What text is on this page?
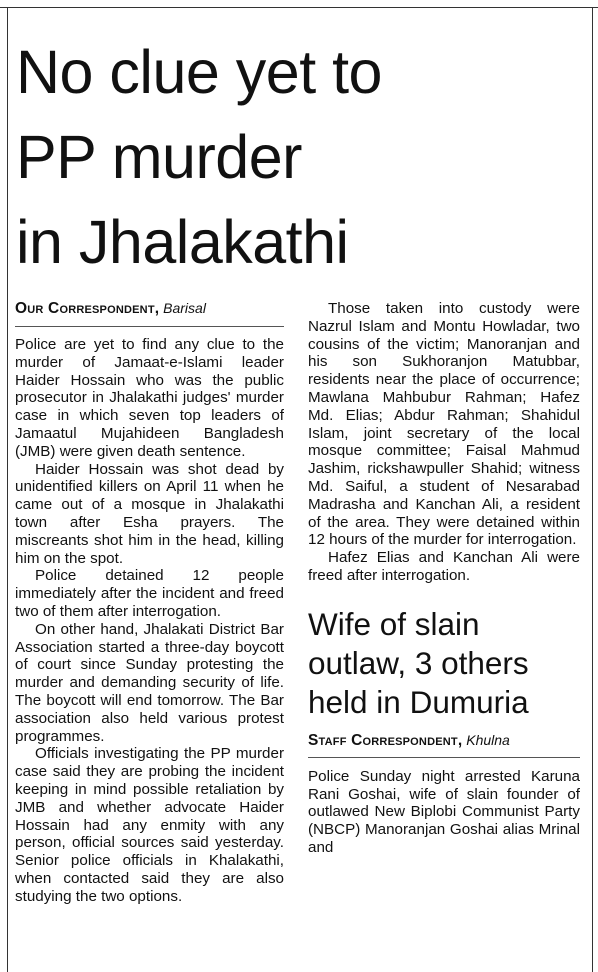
No clue yet to
PP murder
in Jhalakathi

Our Correspondent, Barisal

Police are yet to find any clue to the murder of Jamaat-e-Islami leader Haider Hossain who was the public prosecutor in Jhalakathi judges' murder case in which seven top leaders of Jamaatul Mujahideen Bangladesh (JMB) were given death sentence.

Haider Hossain was shot dead by unidentified killers on April 11 when he came out of a mosque in Jhalakathi town after Esha prayers. The miscreants shot him in the head, killing him on the spot.

Police detained 12 people immediately after the incident and freed two of them after interrogation.

On other hand, Jhalakati District Bar Association started a three-day boycott of court since Sunday protesting the murder and demanding security of life. The boycott will end tomorrow. The Bar association also held various protest programmes.

Officials investigating the PP murder case said they are probing the incident keeping in mind possible retaliation by JMB and whether advocate Haider Hossain had any enmity with any person, official sources said yesterday. Senior police officials in Khalakathi, when contacted said they are also studying the two options.

Those taken into custody were Nazrul Islam and Montu Howladar, two cousins of the victim; Manoranjan and his son Sukhoranjon Matubbar, residents near the place of occurrence; Mawlana Mahbubur Rahman; Hafez Md. Elias; Abdur Rahman; Shahidul Islam, joint secretary of the local mosque committee; Faisal Mahmud Jashim, rickshawpuller Shahid; witness Md. Saiful, a student of Nesarabad Madrasha and Kanchan Ali, a resident of the area. They were detained within 12 hours of the murder for interrogation.

Hafez Elias and Kanchan Ali were freed after interrogation.

Wife of slain
outlaw, 3 others
held in Dumuria

Staff Correspondent, Khulna

Police Sunday night arrested Karuna Rani Goshai, wife of slain founder of outlawed New Biplobi Communist Party (NBCP) Manoranjan Goshai alias Mrinal and
